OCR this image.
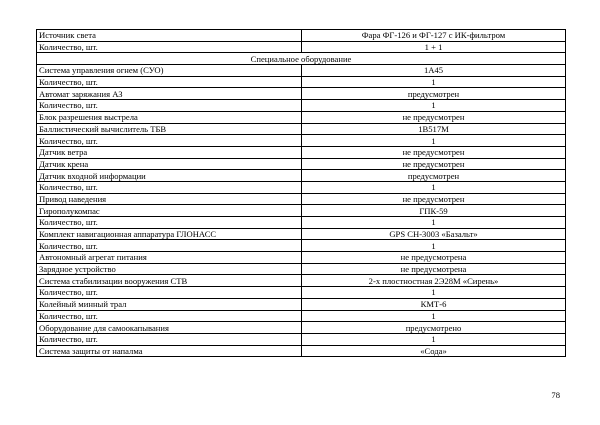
Источник света	Фара ФГ-126 и ФГ-127 с ИК-фильтром
Количество, шт.	1 + 1
Специальное оборудование	
Система управления огнем (СУО)	1А45
Количество, шт.	1
Автомат заряжания АЗ	предусмотрен
Количество, шт.	1
Блок разрешения выстрела	не предусмотрен
Баллистический вычислитель ТБВ	1В517М
Количество, шт.	1
Датчик ветра	не предусмотрен
Датчик крена	не предусмотрен
Датчик входной информации	предусмотрен
Количество, шт.	1
Привод наведения	не предусмотрен
Гирополукомпас	ГПК-59
Количество, шт.	1
Комплект навигационная аппаратура ГЛОНАСС	GPS СН-3003 «Базальт»
Количество, шт.	1
Автономный агрегат питания	не предусмотрена
Зарядное устройство	не предусмотрена
Система стабилизации вооружения СТВ	2-х плостностная 2Э28М «Сирень»
Количество, шт.	1
Колейный минный трал	КМТ-6
Количество, шт.	1
Оборудование для самоокапывания	предусмотрено
Количество, шт.	1
Система защиты от напалма	«Сода»
78
